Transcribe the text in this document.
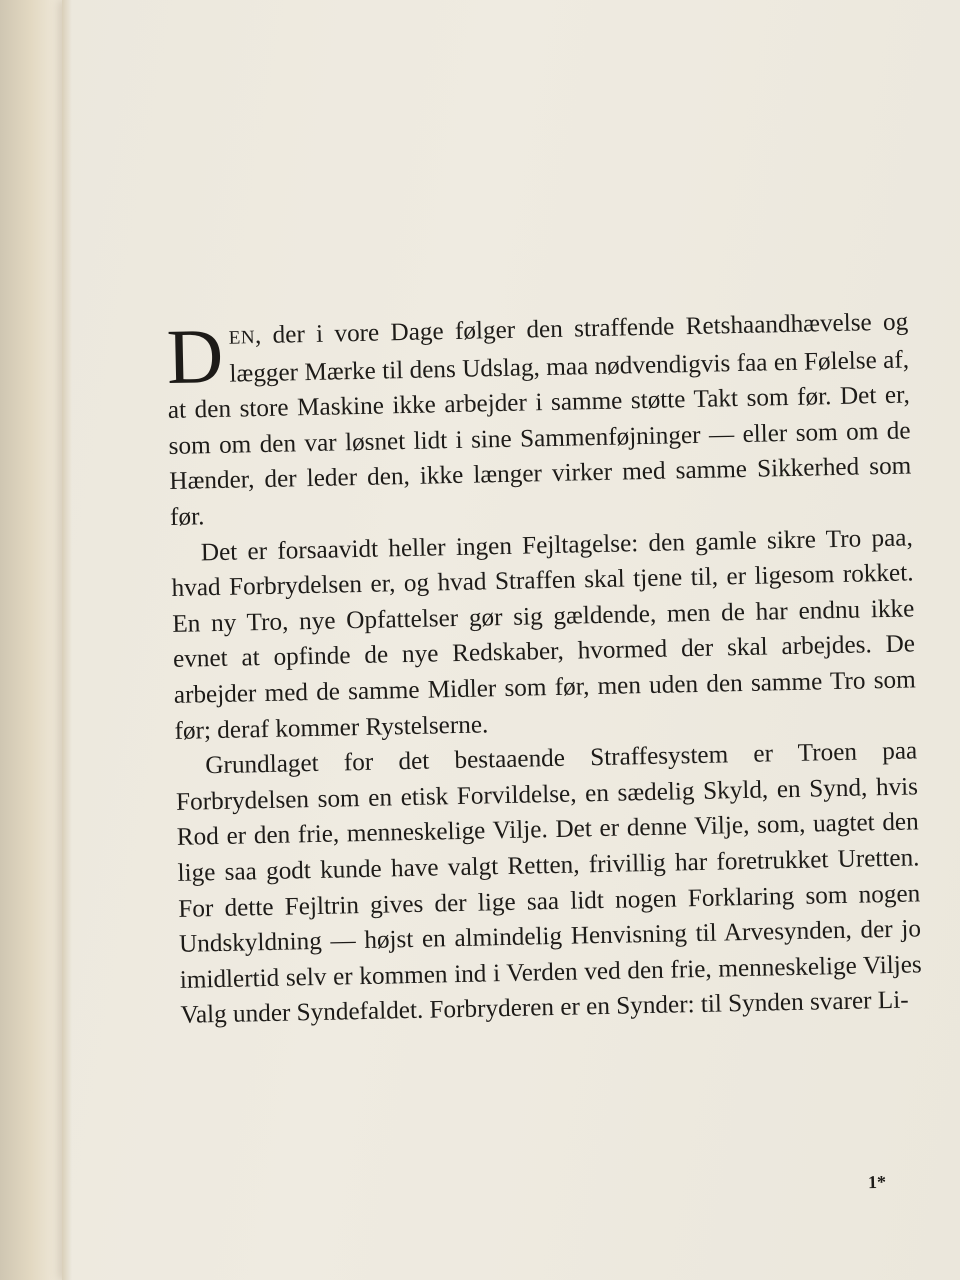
DEN, der i vore Dage følger den straffende Retshaandhævelse og lægger Mærke til dens Udslag, maa nødvendigvis faa en Følelse af, at den store Maskine ikke arbejder i samme støtte Takt som før. Det er, som om den var løsnet lidt i sine Sammenføjninger — eller som om de Hænder, der leder den, ikke længer virker med samme Sikkerhed som før.

Det er forsaavidt heller ingen Fejltagelse: den gamle sikre Tro paa, hvad Forbrydelsen er, og hvad Straffen skal tjene til, er ligesom rokket. En ny Tro, nye Opfattelser gør sig gældende, men de har endnu ikke evnet at opfinde de nye Redskaber, hvormed der skal arbejdes. De arbejder med de samme Midler som før, men uden den samme Tro som før; deraf kommer Rystelserne.

Grundlaget for det bestaaende Straffesystem er Troen paa Forbrydelsen som en etisk Forvildelse, en sædelig Skyld, en Synd, hvis Rod er den frie, menneskelige Vilje. Det er denne Vilje, som, uagtet den lige saa godt kunde have valgt Retten, frivillig har foretrukket Uretten. For dette Fejltrin gives der lige saa lidt nogen Forklaring som nogen Undskyldning — højst en almindelig Henvisning til Arvesynden, der jo imidlertid selv er kommen ind i Verden ved den frie, menneskelige Viljes Valg under Syndefaldet. Forbryderen er en Synder: til Synden svarer Li-

1*
